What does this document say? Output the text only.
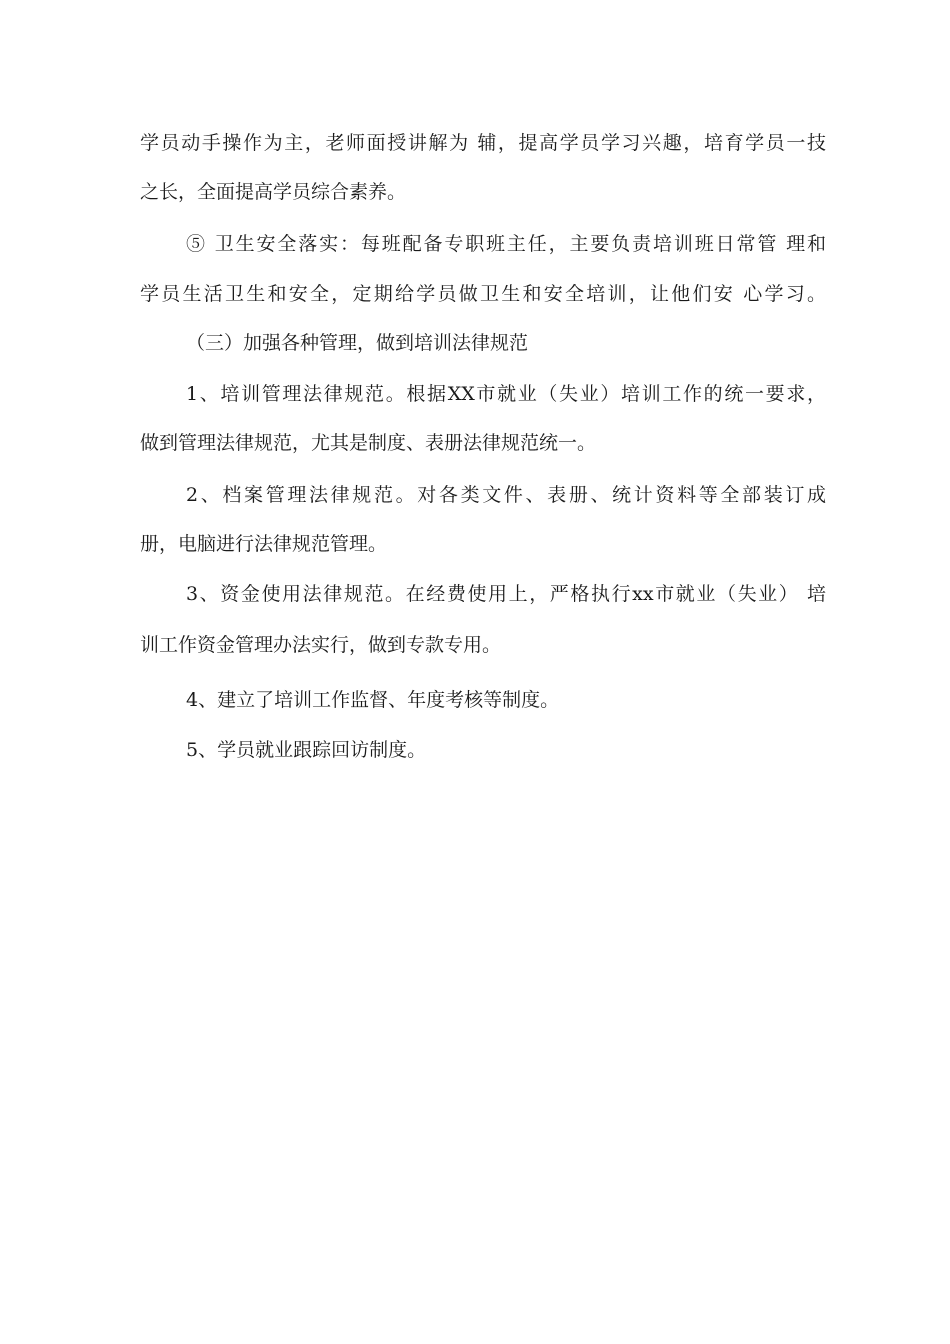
学员动手操作为主，老师面授讲解为 辅，提高学员学习兴趣，培育学员一技
之长，全面提高学员综合素养。
⑤ 卫生安全落实：每班配备专职班主任，主要负责培训班日常管 理和
学员生活卫生和安全，定期给学员做卫生和安全培训，让他们安 心学习。
（三）加强各种管理，做到培训法律规范
1、培训管理法律规范。根据XX市就业（失业）培训工作的统一要求，
做到管理法律规范，尤其是制度、表册法律规范统一。
2、档案管理法律规范。对各类文件、表册、统计资料等全部装订成
册，电脑进行法律规范管理。
3、资金使用法律规范。在经费使用上，严格执行xx市就业（失业） 培
训工作资金管理办法实行，做到专款专用。
4、建立了培训工作监督、年度考核等制度。
5、学员就业跟踪回访制度。
